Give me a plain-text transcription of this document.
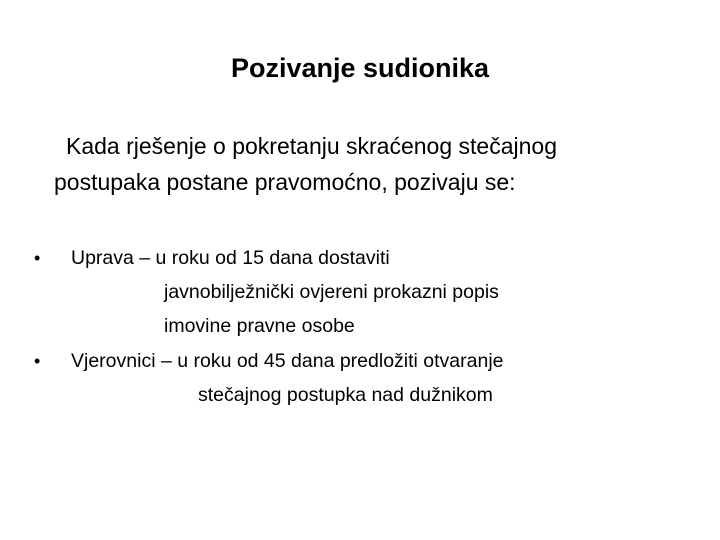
Pozivanje sudionika
Kada rješenje o pokretanju skraćenog stečajnog
postupaka postane pravomoćno, pozivaju se:
• Uprava – u roku od 15 dana dostaviti
javnobilježnički ovjereni prokazni popis
imovine pravne osobe
• Vjerovnici – u roku od 45 dana predložiti otvaranje
stečajnog postupka nad dužnikom
